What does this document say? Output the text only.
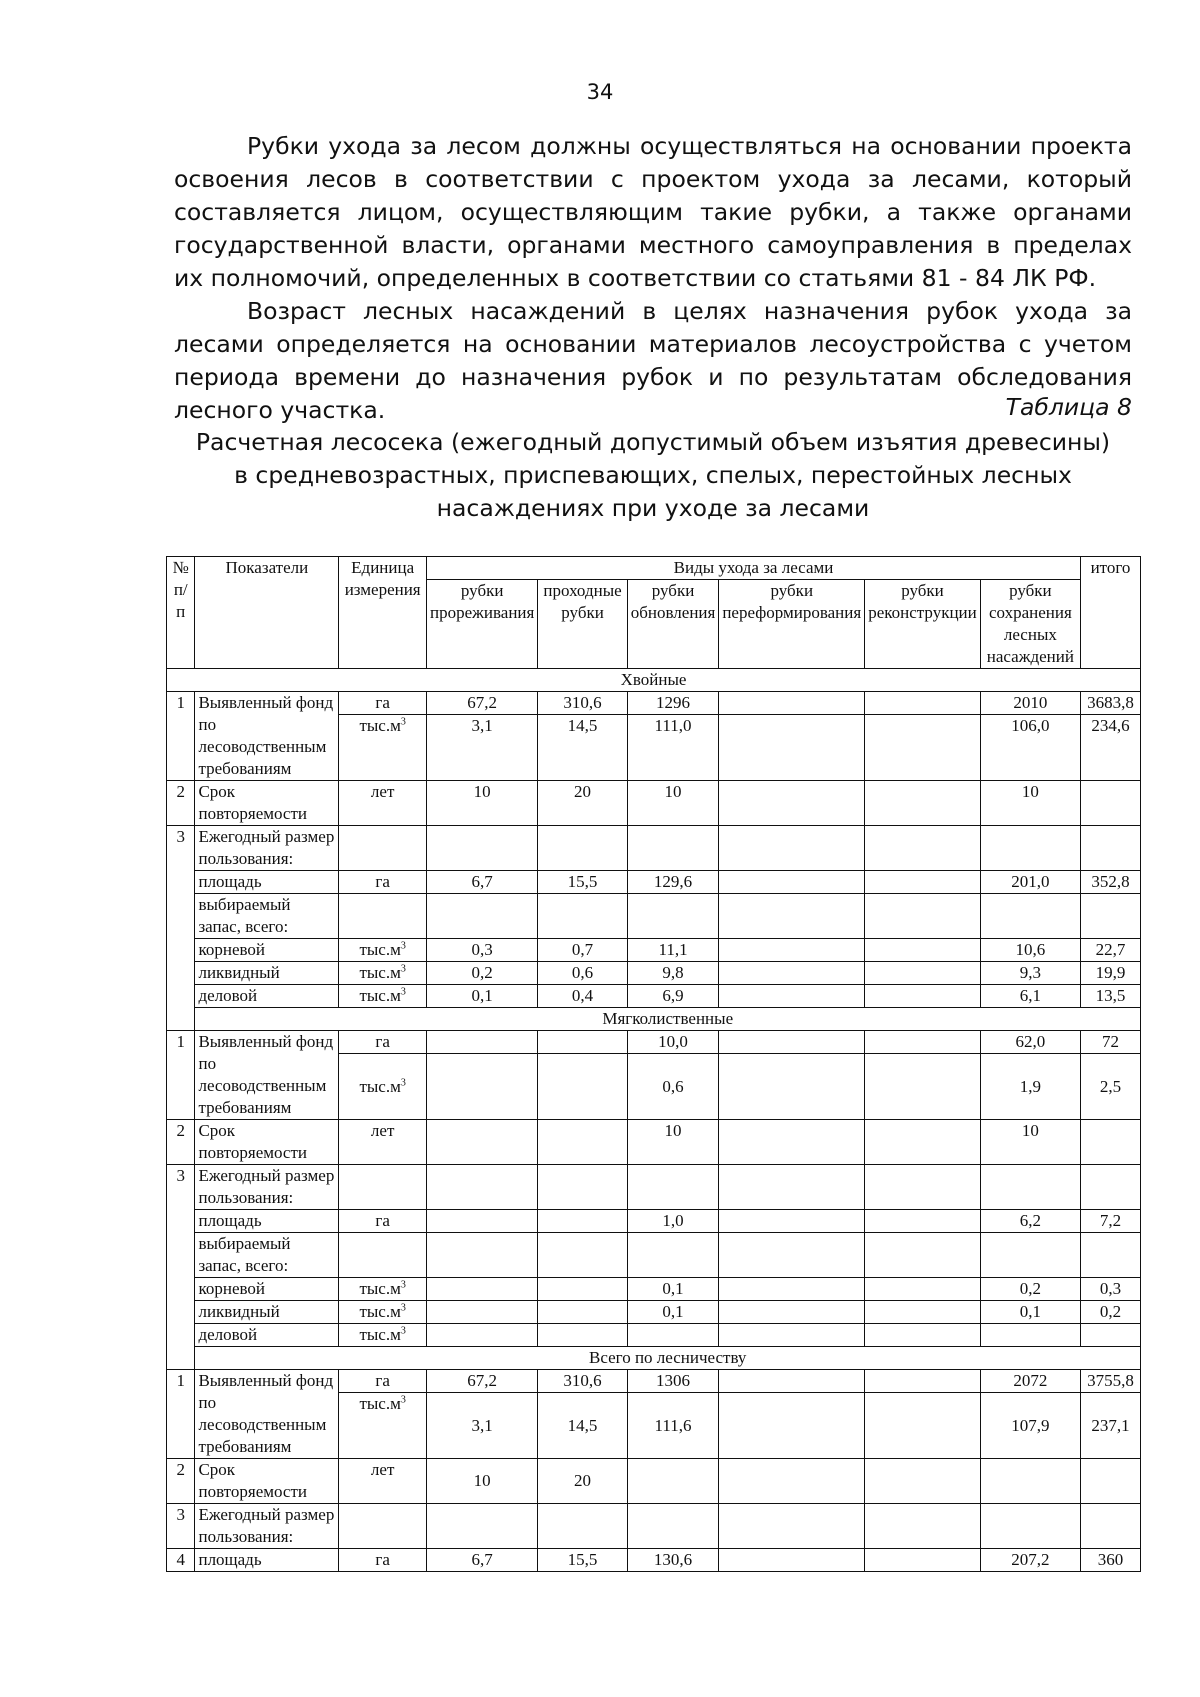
34

Рубки ухода за лесом должны осуществляться на основании проекта освоения лесов в соответствии с проектом ухода за лесами, который составляется лицом, осуществляющим такие рубки, а также органами государственной власти, органами местного самоуправления в пределах их полномочий, определенных в соответствии со статьями 81 - 84 ЛК РФ.

Возраст лесных насаждений в целях назначения рубок ухода за лесами определяется на основании материалов лесоустройства с учетом периода времени до назначения рубок и по результатам обследования лесного участка.	Таблица 8
Расчетная лесосека (ежегодный допустимый объем изъятия древесины)
в средневозрастных, приспевающих, спелых, перестойных лесных
насаждениях при уходе за лесами
№ п/п	Показатели	Единица измерения	Виды ухода за лесами						итого
			рубки прореживания	проходные рубки	рубки обновления	рубки переформирования	рубки реконструкции	рубки сохранения лесных насаждений	
Хвойные									
1	Выявленный фонд по лесоводственным требованиям	га	67,2	310,6	1296			2010	3683,8
		$тыс.м^3$	3,1	14,5	111,0			106,0	234,6
2	Срок повторяемости	лет	10	20	10			10	
3	Ежегодный размер пользования:								
	площадь	га	6,7	15,5	129,6			201,0	352,8
	выбираемый запас, всего:								
	корневой	$тыс.м^3$	0,3	0,7	11,1			10,6	22,7
	ликвидный	$тыс.м^3$	0,2	0,6	9,8			9,3	19,9
	деловой	$тыс.м^3$	0,1	0,4	6,9			6,1	13,5
	Мягколиственные								
1	Выявленный фонд по лесоводственным требованиям	га			10,0			62,0	72
		$тыс.м^3$			0,6			1,9	2,5
2	Срок повторяемости	лет			10			10	
3	Ежегодный размер пользования:								
	площадь	га			1,0			6,2	7,2
	выбираемый запас, всего:								
	корневой	$тыс.м^3$			0,1			0,2	0,3
	ликвидный	$тыс.м^3$			0,1			0,1	0,2
	деловой	$тыс.м^3$							
	Всего по лесничеству								
1	Выявленный фонд по лесоводственным требованиям	га	67,2	310,6	1306			2072	3755,8
		$тыс.м^3$	3,1	14,5	111,6			107,9	237,1
2	Срок повторяемости	лет	10	20					
3	Ежегодный размер пользования:								
4	площадь	га	6,7	15,5	130,6			207,2	360
